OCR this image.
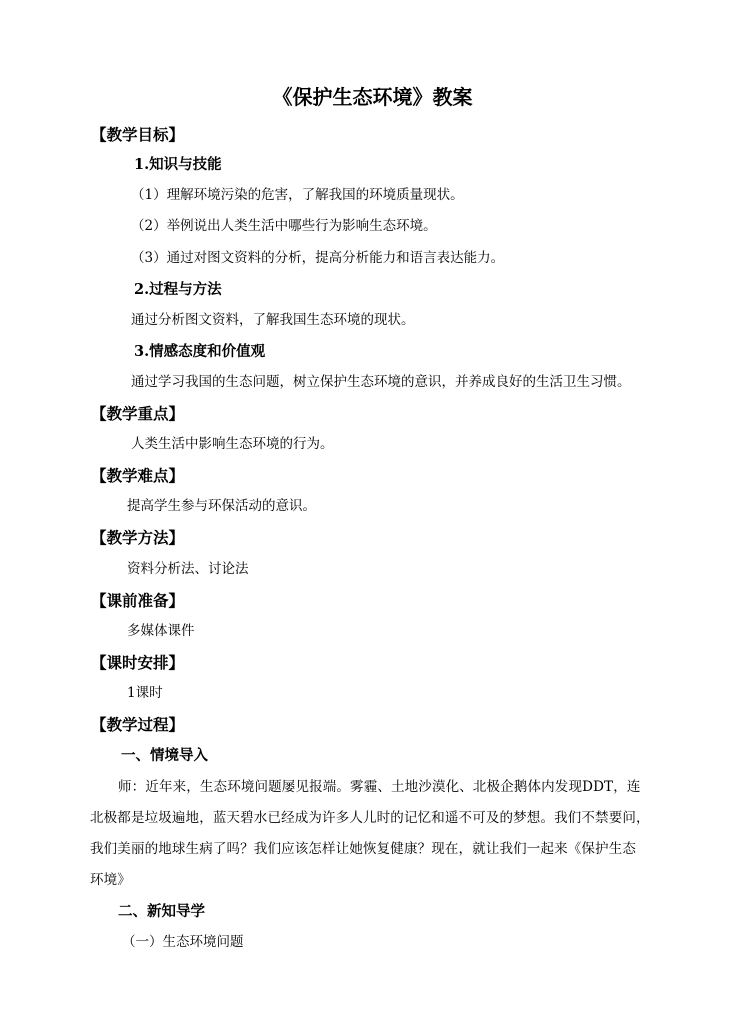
《保护生态环境》教案
【教学目标】
1.知识与技能
（1）理解环境污染的危害，了解我国的环境质量现状。
（2）举例说出人类生活中哪些行为影响生态环境。
（3）通过对图文资料的分析，提高分析能力和语言表达能力。
2.过程与方法
通过分析图文资料，了解我国生态环境的现状。
3.情感态度和价值观
通过学习我国的生态问题，树立保护生态环境的意识，并养成良好的生活卫生习惯。
【教学重点】
人类生活中影响生态环境的行为。
【教学难点】
提高学生参与环保活动的意识。
【教学方法】
资料分析法、讨论法
【课前准备】
多媒体课件
【课时安排】
1课时
【教学过程】
一、情境导入
师：近年来，生态环境问题屡见报端。雾霾、土地沙漠化、北极企鹅体内发现DDT，连
北极都是垃圾遍地，蓝天碧水已经成为许多人儿时的记忆和遥不可及的梦想。我们不禁要问，
我们美丽的地球生病了吗？我们应该怎样让她恢复健康？现在，就让我们一起来《保护生态
环境》
二、新知导学
（一）生态环境问题
